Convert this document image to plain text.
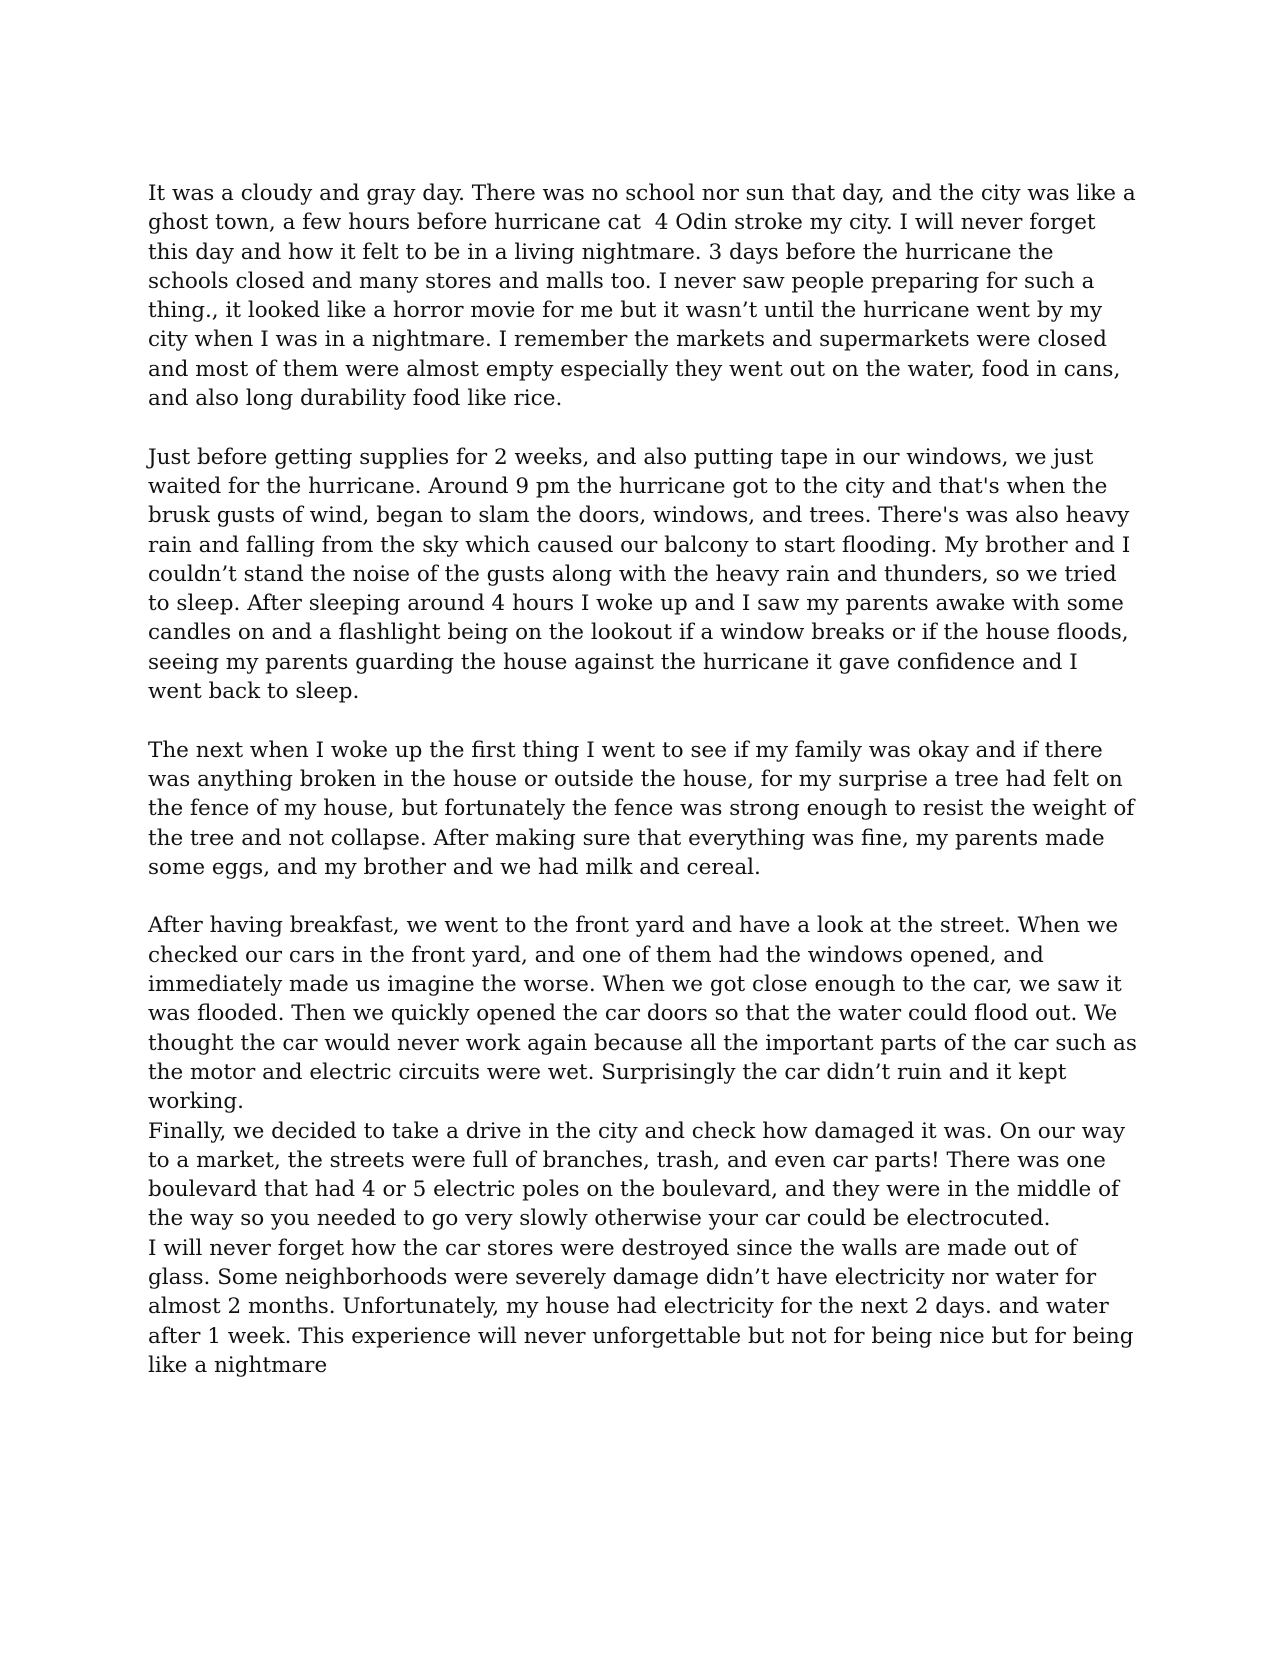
It was a cloudy and gray day. There was no school nor sun that day, and the city was like a ghost town, a few hours before hurricane cat  4 Odin stroke my city. I will never forget this day and how it felt to be in a living nightmare. 3 days before the hurricane the schools closed and many stores and malls too. I never saw people preparing for such a thing., it looked like a horror movie for me but it wasn’t until the hurricane went by my city when I was in a nightmare. I remember the markets and supermarkets were closed and most of them were almost empty especially they went out on the water, food in cans, and also long durability food like rice.

Just before getting supplies for 2 weeks, and also putting tape in our windows, we just waited for the hurricane. Around 9 pm the hurricane got to the city and that's when the brusk gusts of wind, began to slam the doors, windows, and trees. There's was also heavy rain and falling from the sky which caused our balcony to start flooding. My brother and I couldn’t stand the noise of the gusts along with the heavy rain and thunders, so we tried to sleep. After sleeping around 4 hours I woke up and I saw my parents awake with some candles on and a flashlight being on the lookout if a window breaks or if the house floods, seeing my parents guarding the house against the hurricane it gave confidence and I went back to sleep.

The next when I woke up the first thing I went to see if my family was okay and if there was anything broken in the house or outside the house, for my surprise a tree had felt on the fence of my house, but fortunately the fence was strong enough to resist the weight of the tree and not collapse. After making sure that everything was fine, my parents made some eggs, and my brother and we had milk and cereal.

After having breakfast, we went to the front yard and have a look at the street. When we checked our cars in the front yard, and one of them had the windows opened, and immediately made us imagine the worse. When we got close enough to the car, we saw it was flooded. Then we quickly opened the car doors so that the water could flood out. We thought the car would never work again because all the important parts of the car such as the motor and electric circuits were wet. Surprisingly the car didn’t ruin and it kept working.

Finally, we decided to take a drive in the city and check how damaged it was. On our way to a market, the streets were full of branches, trash, and even car parts! There was one boulevard that had 4 or 5 electric poles on the boulevard, and they were in the middle of the way so you needed to go very slowly otherwise your car could be electrocuted.

I will never forget how the car stores were destroyed since the walls are made out of glass. Some neighborhoods were severely damage didn’t have electricity nor water for almost 2 months. Unfortunately, my house had electricity for the next 2 days. and water after 1 week. This experience will never unforgettable but not for being nice but for being like a nightmare
